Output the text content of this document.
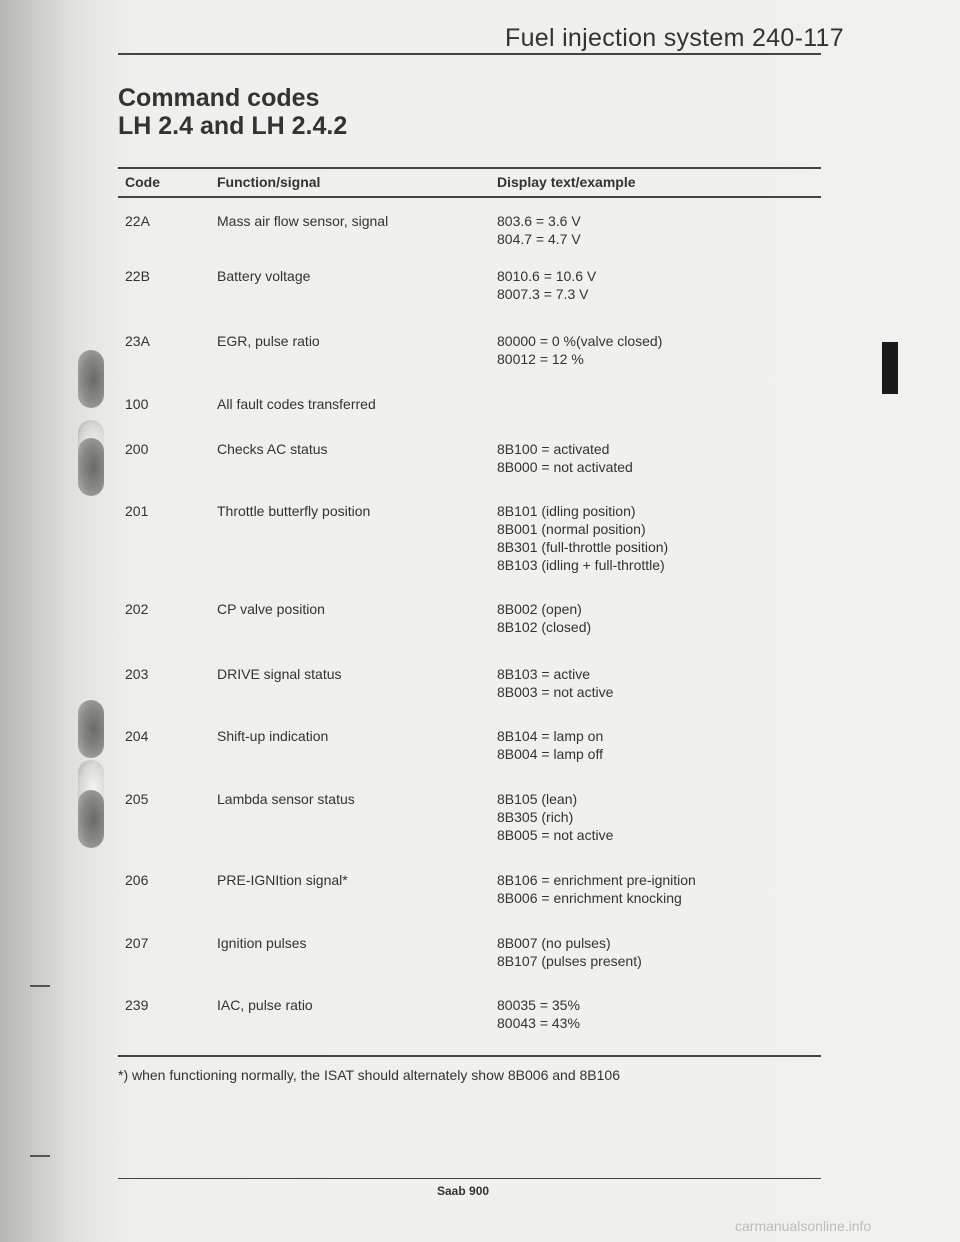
Fuel injection system 240-117
Command codes
LH 2.4 and LH 2.4.2
Code	Function/signal	Display text/example
22A	Mass air flow sensor, signal	803.6 = 3.6 V
804.7 = 4.7 V
22B	Battery voltage	8010.6 = 10.6 V
8007.3 = 7.3 V
23A	EGR, pulse ratio	80000 = 0 %(valve closed)
80012 = 12 %
100	All fault codes transferred
200	Checks AC status	8B100 = activated
8B000 = not activated
201	Throttle butterfly position	8B101 (idling position)
8B001 (normal position)
8B301 (full-throttle position)
8B103 (idling + full-throttle)
202	CP valve position	8B002 (open)
8B102 (closed)
203	DRIVE signal status	8B103 = active
8B003 = not active
204	Shift-up indication	8B104 = lamp on
8B004 = lamp off
205	Lambda sensor status	8B105 (lean)
8B305 (rich)
8B005 = not active
206	PRE-IGNItion signal*	8B106 = enrichment pre-ignition
8B006 = enrichment knocking
207	Ignition pulses	8B007 (no pulses)
8B107 (pulses present)
239	IAC, pulse ratio	80035 = 35%
80043 = 43%
*) when functioning normally, the ISAT should alternately show 8B006 and 8B106
Saab 900
carmanualsonline.info
